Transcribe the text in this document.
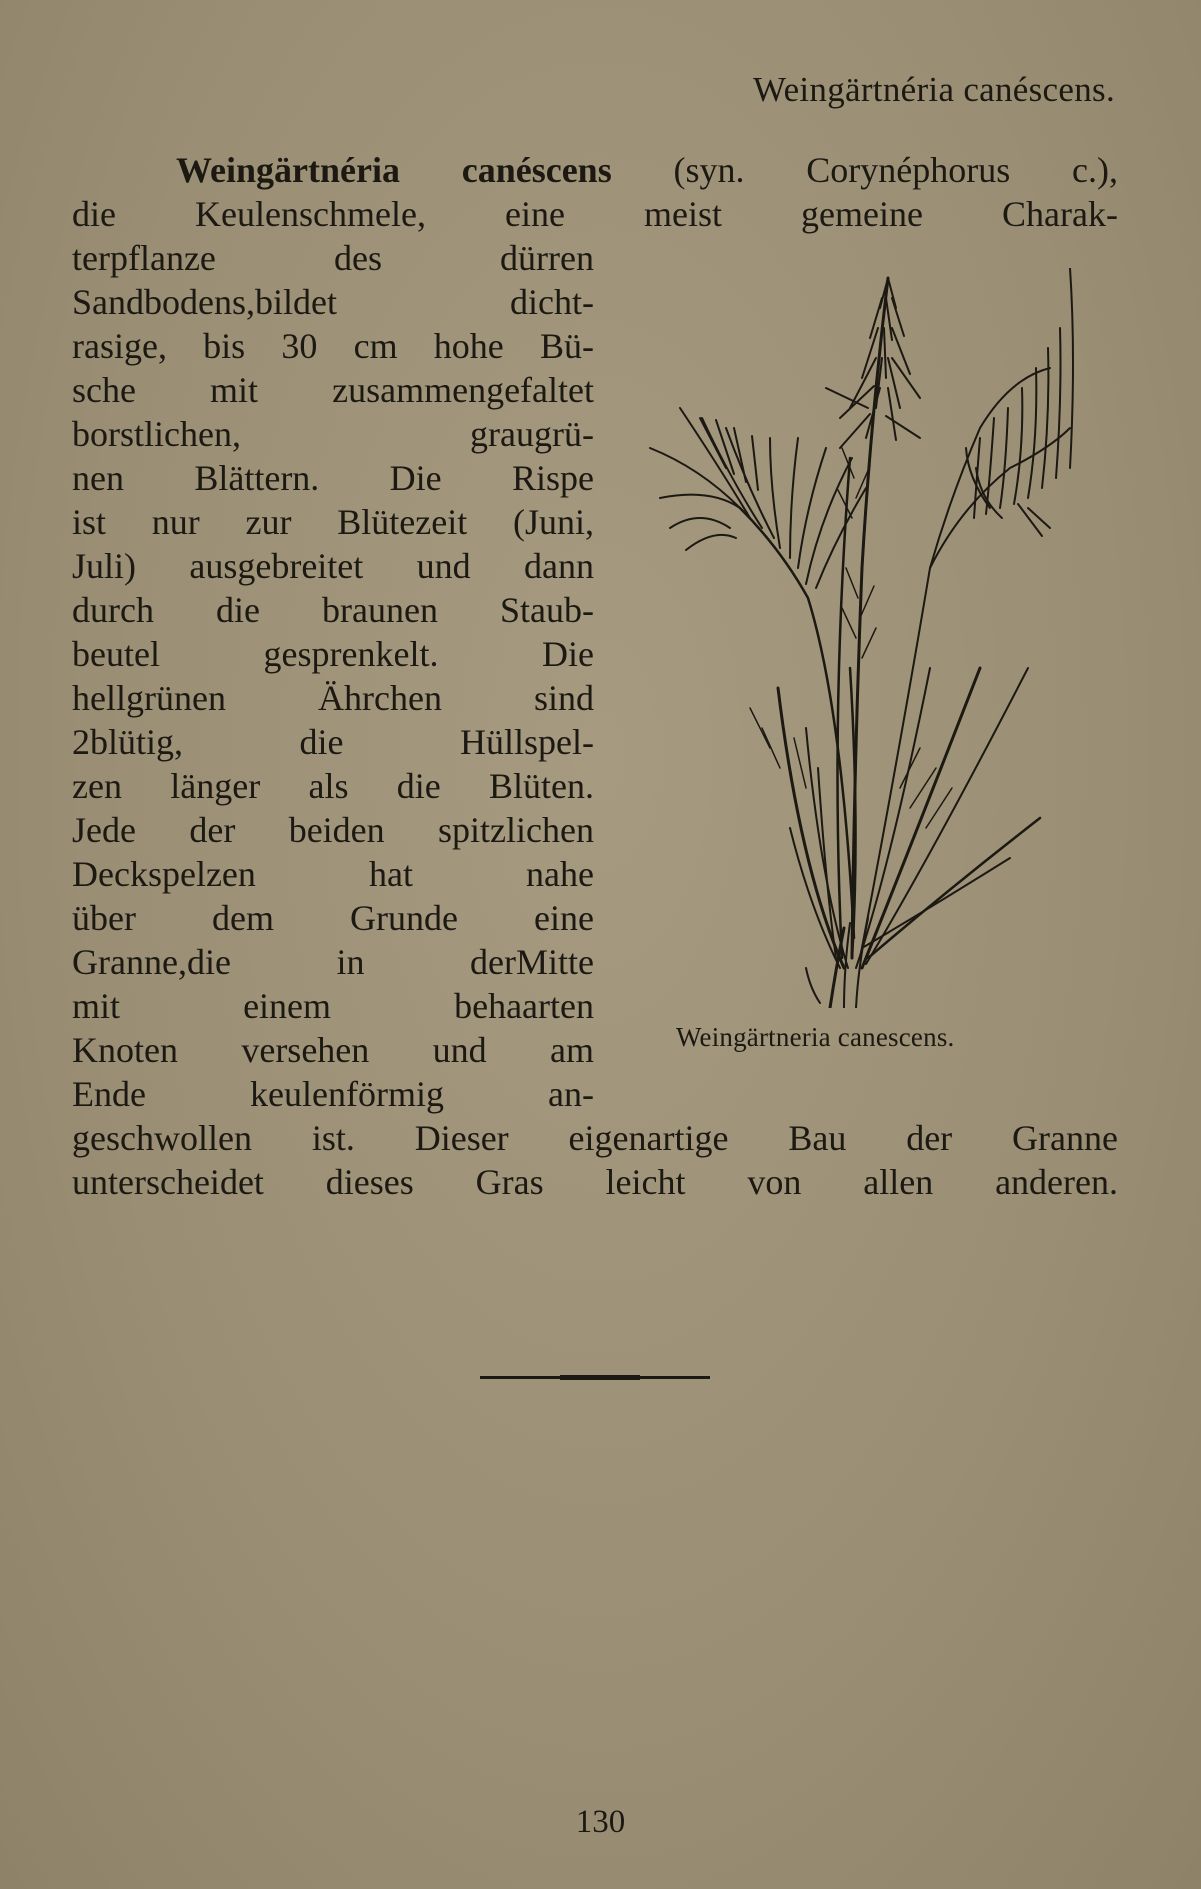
Weingärtnéria canéscens.
Weingärtnéria canéscens (syn. Corynéphorus c.),
die Keulenschmele, eine meist gemeine Charak-
terpflanze des dürren
Sandbodens,bildet dicht-
rasige, bis 30 cm hohe Bü-
sche mit zusammengefaltet
borstlichen, graugrü-
nen Blättern. Die Rispe
ist nur zur Blütezeit (Juni,
Juli) ausgebreitet und dann
durch die braunen Staub-
beutel gesprenkelt. Die
hellgrünen Ährchen sind
2blütig, die Hüllspel-
zen länger als die Blüten.
Jede der beiden spitzlichen
Deckspelzen hat nahe
über dem Grunde eine
Granne,die in derMitte
mit einem behaarten
Knoten versehen und am
Ende keulenförmig an-
geschwollen ist. Dieser eigenartige Bau der Granne
unterscheidet dieses Gras leicht von allen anderen.
Weingärtneria canescens.
130
